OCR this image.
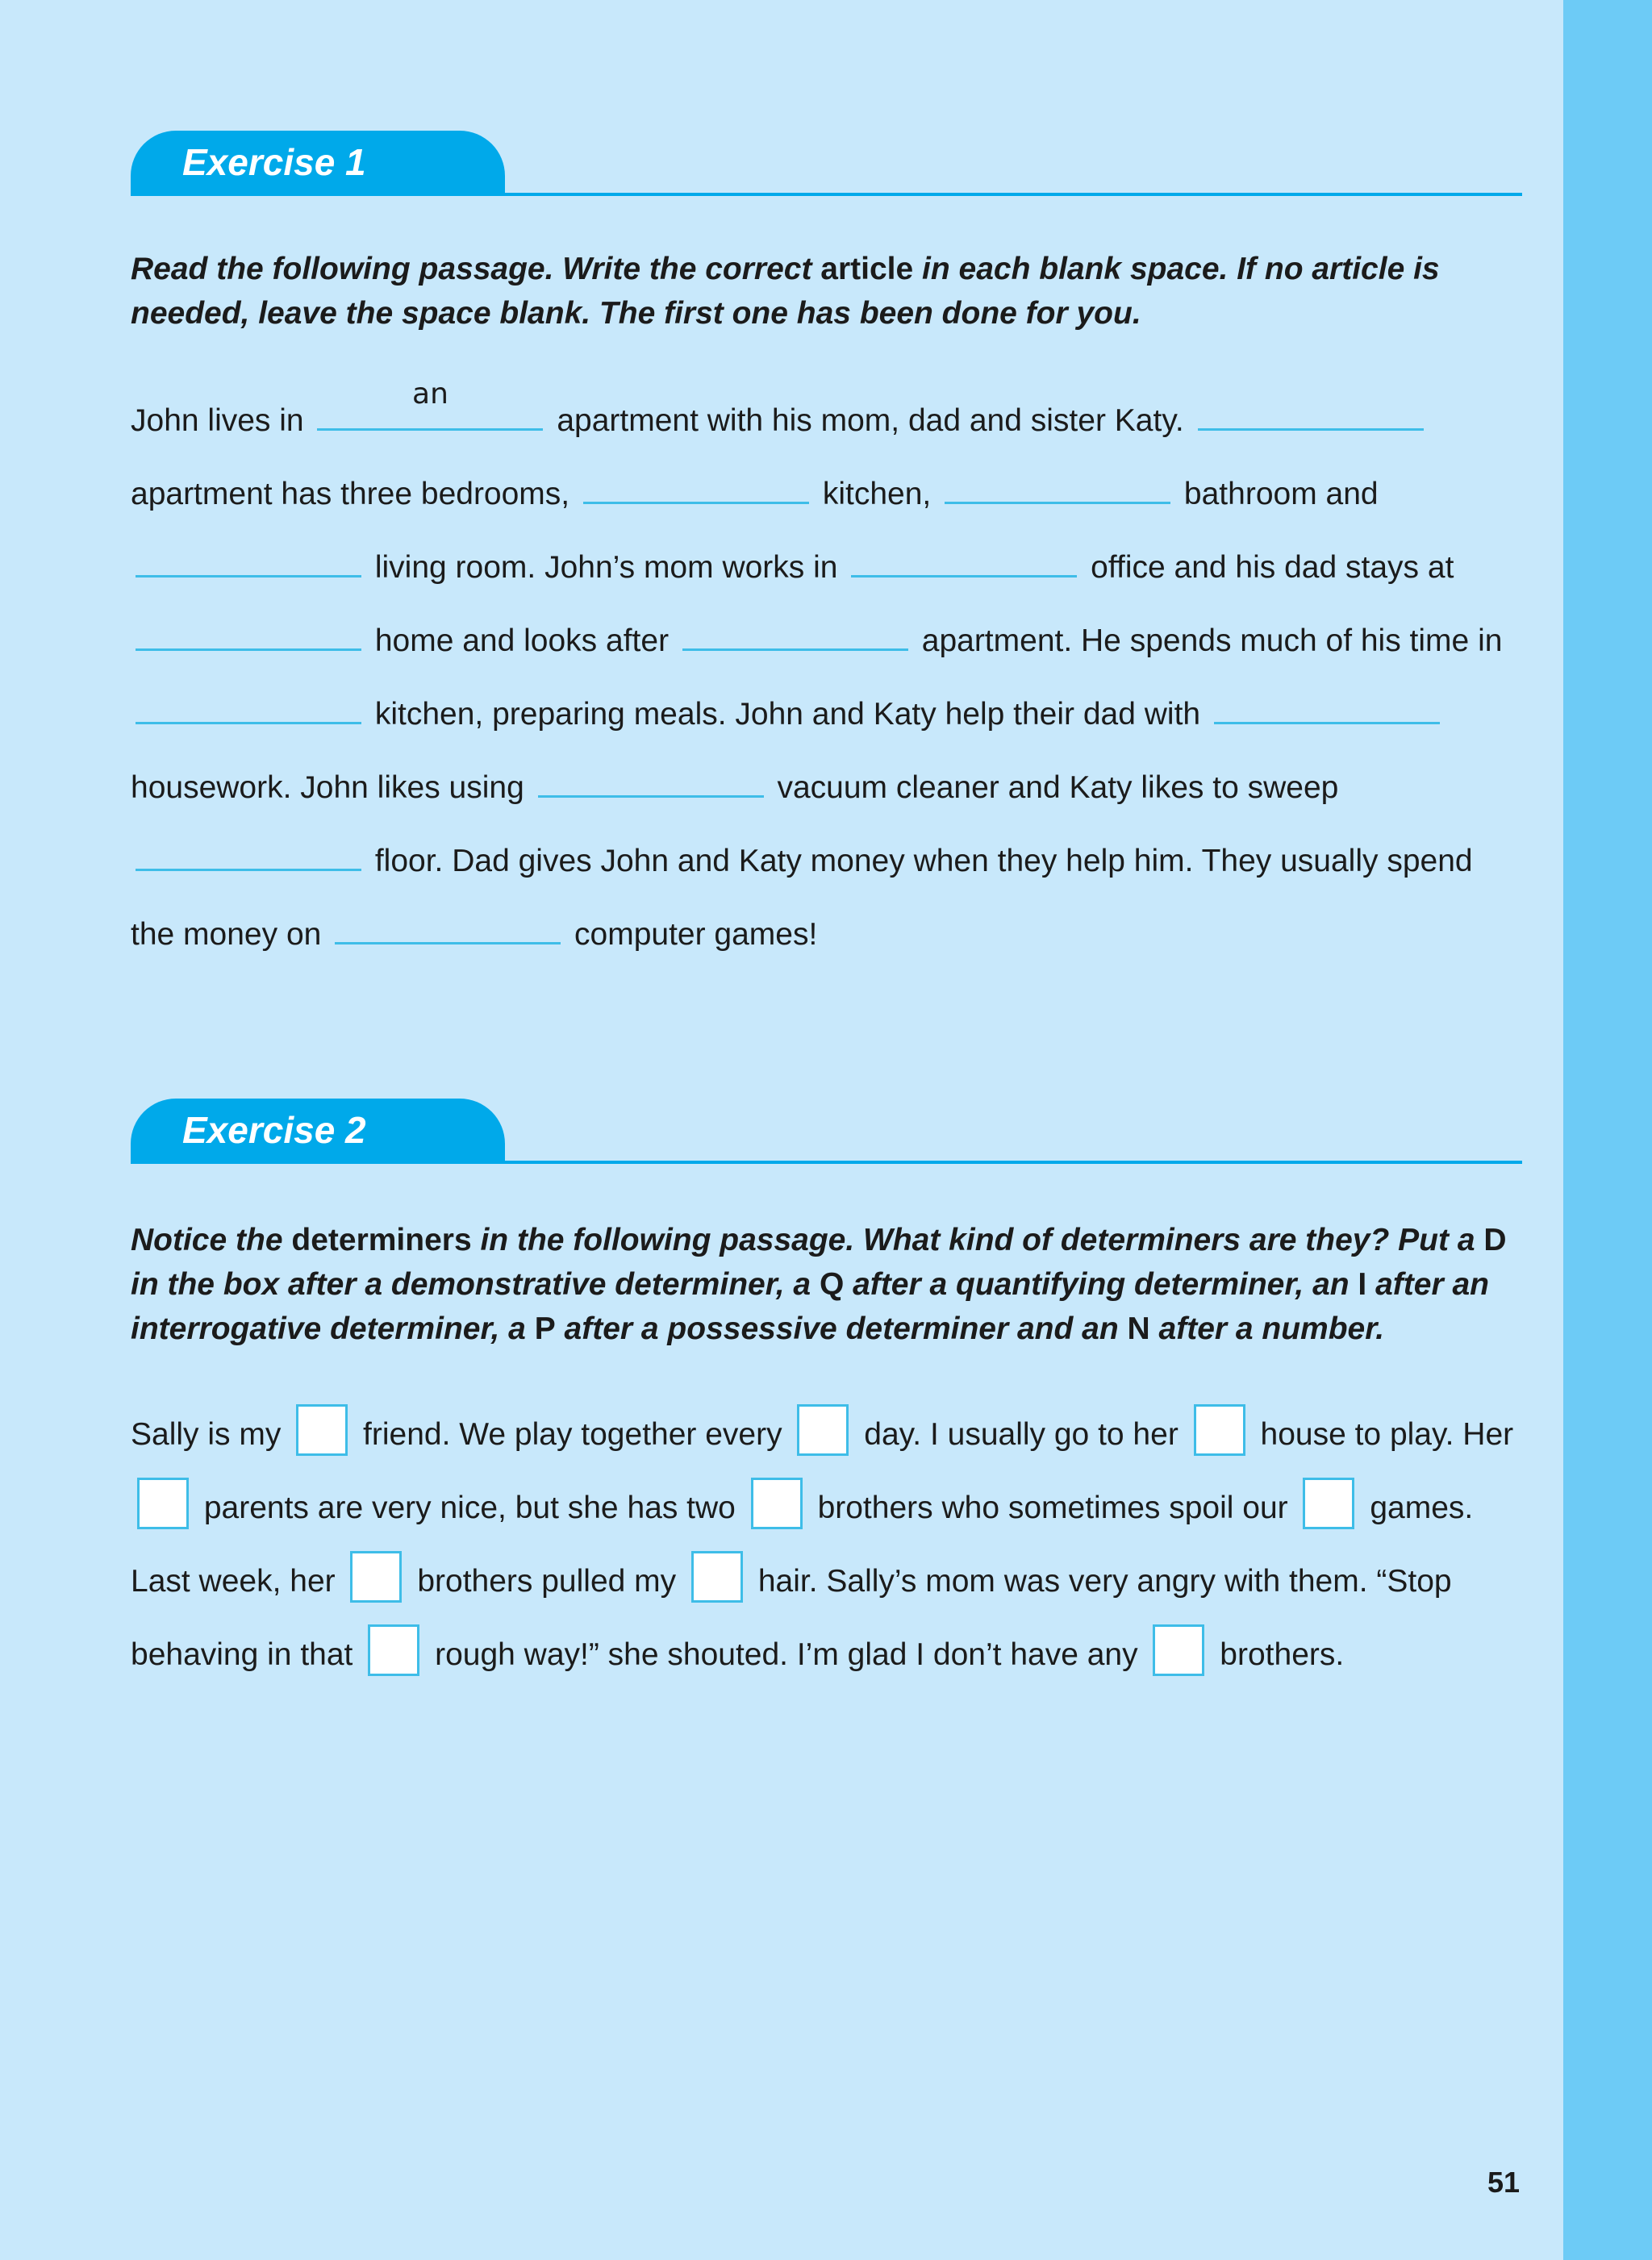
Exercise 1

Read the following passage. Write the correct article in each blank space. If no article is needed, leave the space blank. The first one has been done for you.

John lives in
an
apartment with his mom, dad and sister Katy.  apartment has three bedrooms,	kitchen,	bathroom and  living room. John’s mom works in	office and his dad stays at  home and looks after	apartment. He spends much of his time in  kitchen, preparing meals. John and Katy help their dad with  housework. John likes using	vacuum cleaner and Katy likes to sweep  floor. Dad gives John and Katy money when they help him. They usually spend the money on	computer games!

Exercise 2

Notice the determiners in the following passage. What kind of determiners are they? Put a D in the box after a demonstrative determiner, a Q after a quantifying determiner, an I after an interrogative determiner, a P after a possessive determiner and an N after a number.

Sally is my	friend. We play together every	day. I usually go to her	house to play. Her  parents are very nice, but she has two	brothers who sometimes spoil our	games. Last week, her	brothers pulled my	hair. Sally’s mom was very angry with them. “Stop behaving in that	rough way!” she shouted. I’m glad I don’t have any	brothers.

51
